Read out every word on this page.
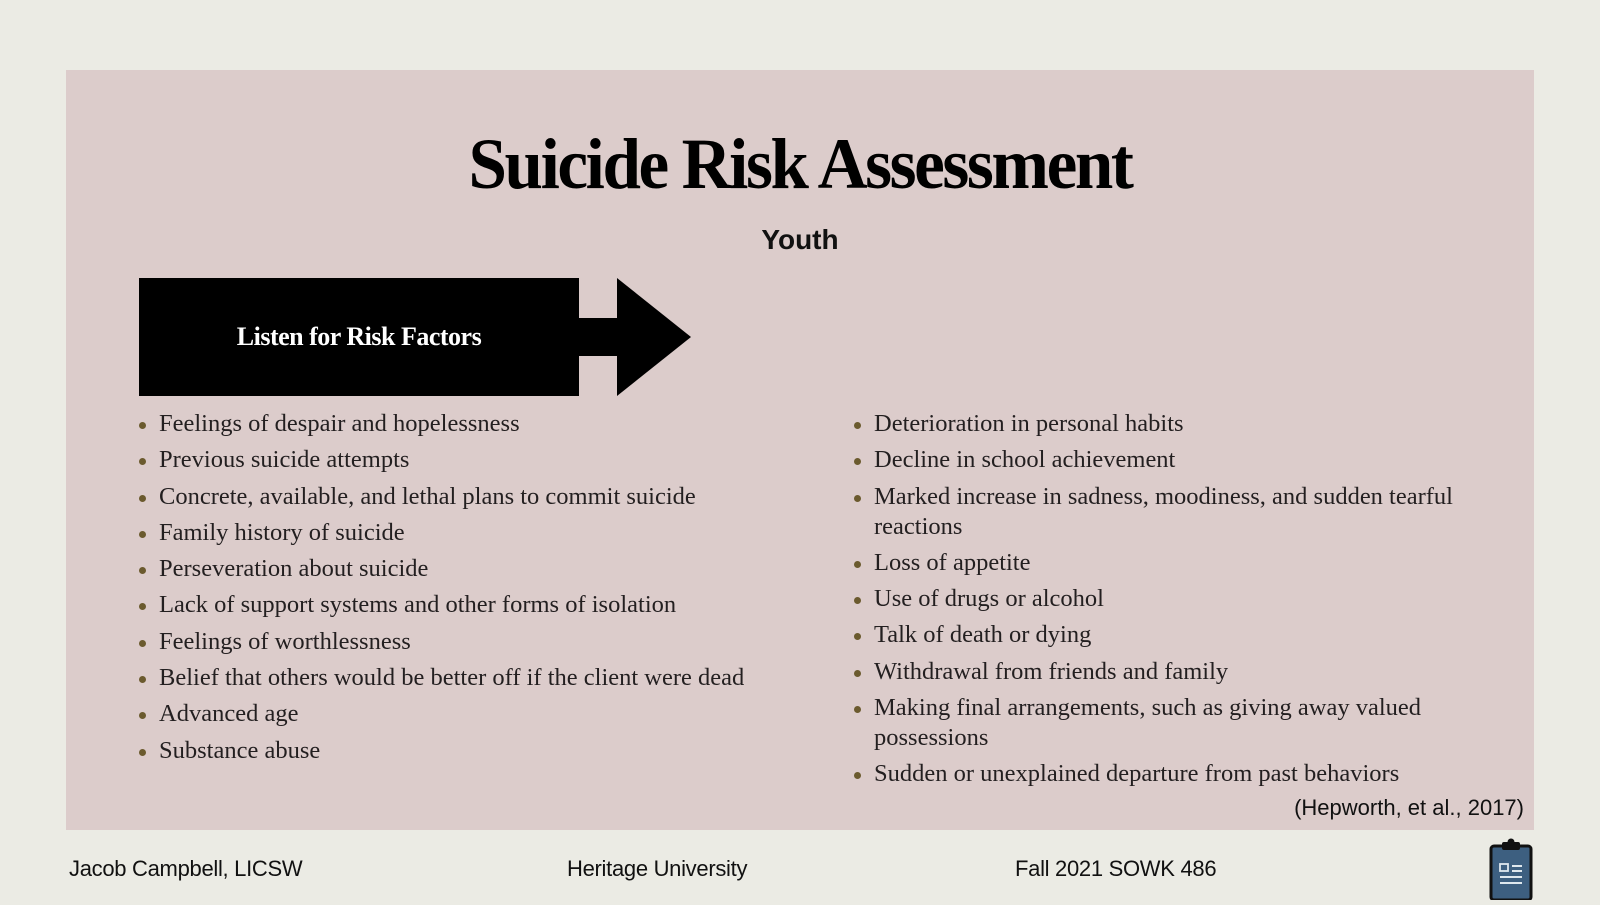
Suicide Risk Assessment
Youth
Listen for Risk Factors
Feelings of despair and hopelessness
Previous suicide attempts
Concrete, available, and lethal plans to commit suicide
Family history of suicide
Perseveration about suicide
Lack of support systems and other forms of isolation
Feelings of worthlessness
Belief that others would be better off if the client were dead
Advanced age
Substance abuse
Deterioration in personal habits
Decline in school achievement
Marked increase in sadness, moodiness, and sudden tearful reactions
Loss of appetite
Use of drugs or alcohol
Talk of death or dying
Withdrawal from friends and family
Making final arrangements, such as giving away valued possessions
Sudden or unexplained departure from past behaviors
(Hepworth, et al., 2017)
Jacob Campbell, LICSW	Heritage University	Fall 2021 SOWK 486
